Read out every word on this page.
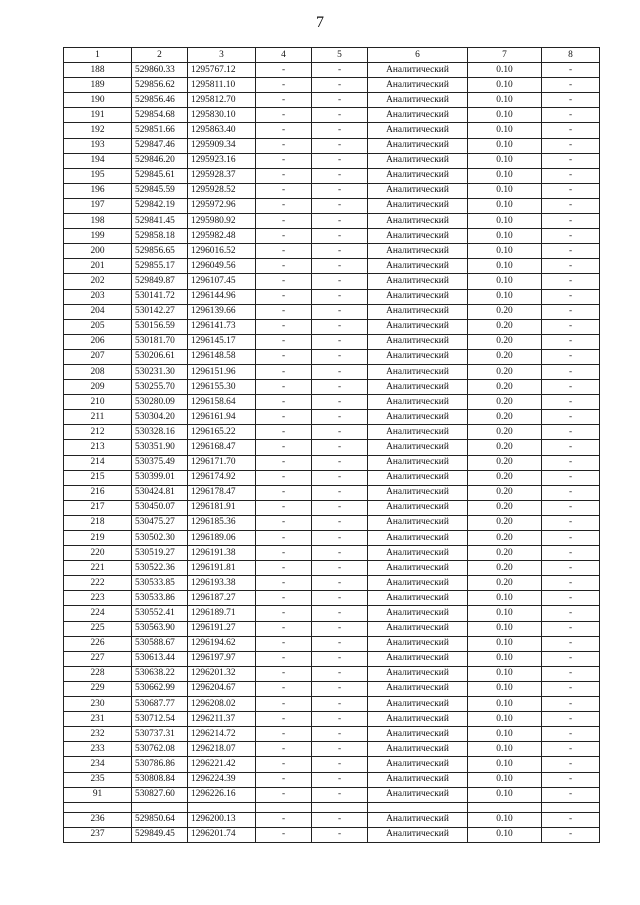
7
1	2	3	4	5	6	7	8
188	529860.33	1295767.12	-	-	Аналитический	0.10	-
189	529856.62	1295811.10	-	-	Аналитический	0.10	-
190	529856.46	1295812.70	-	-	Аналитический	0.10	-
191	529854.68	1295830.10	-	-	Аналитический	0.10	-
192	529851.66	1295863.40	-	-	Аналитический	0.10	-
193	529847.46	1295909.34	-	-	Аналитический	0.10	-
194	529846.20	1295923.16	-	-	Аналитический	0.10	-
195	529845.61	1295928.37	-	-	Аналитический	0.10	-
196	529845.59	1295928.52	-	-	Аналитический	0.10	-
197	529842.19	1295972.96	-	-	Аналитический	0.10	-
198	529841.45	1295980.92	-	-	Аналитический	0.10	-
199	529858.18	1295982.48	-	-	Аналитический	0.10	-
200	529856.65	1296016.52	-	-	Аналитический	0.10	-
201	529855.17	1296049.56	-	-	Аналитический	0.10	-
202	529849.87	1296107.45	-	-	Аналитический	0.10	-
203	530141.72	1296144.96	-	-	Аналитический	0.10	-
204	530142.27	1296139.66	-	-	Аналитический	0.20	-
205	530156.59	1296141.73	-	-	Аналитический	0.20	-
206	530181.70	1296145.17	-	-	Аналитический	0.20	-
207	530206.61	1296148.58	-	-	Аналитический	0.20	-
208	530231.30	1296151.96	-	-	Аналитический	0.20	-
209	530255.70	1296155.30	-	-	Аналитический	0.20	-
210	530280.09	1296158.64	-	-	Аналитический	0.20	-
211	530304.20	1296161.94	-	-	Аналитический	0.20	-
212	530328.16	1296165.22	-	-	Аналитический	0.20	-
213	530351.90	1296168.47	-	-	Аналитический	0.20	-
214	530375.49	1296171.70	-	-	Аналитический	0.20	-
215	530399.01	1296174.92	-	-	Аналитический	0.20	-
216	530424.81	1296178.47	-	-	Аналитический	0.20	-
217	530450.07	1296181.91	-	-	Аналитический	0.20	-
218	530475.27	1296185.36	-	-	Аналитический	0.20	-
219	530502.30	1296189.06	-	-	Аналитический	0.20	-
220	530519.27	1296191.38	-	-	Аналитический	0.20	-
221	530522.36	1296191.81	-	-	Аналитический	0.20	-
222	530533.85	1296193.38	-	-	Аналитический	0.20	-
223	530533.86	1296187.27	-	-	Аналитический	0.10	-
224	530552.41	1296189.71	-	-	Аналитический	0.10	-
225	530563.90	1296191.27	-	-	Аналитический	0.10	-
226	530588.67	1296194.62	-	-	Аналитический	0.10	-
227	530613.44	1296197.97	-	-	Аналитический	0.10	-
228	530638.22	1296201.32	-	-	Аналитический	0.10	-
229	530662.99	1296204.67	-	-	Аналитический	0.10	-
230	530687.77	1296208.02	-	-	Аналитический	0.10	-
231	530712.54	1296211.37	-	-	Аналитический	0.10	-
232	530737.31	1296214.72	-	-	Аналитический	0.10	-
233	530762.08	1296218.07	-	-	Аналитический	0.10	-
234	530786.86	1296221.42	-	-	Аналитический	0.10	-
235	530808.84	1296224.39	-	-	Аналитический	0.10	-
91	530827.60	1296226.16	-	-	Аналитический	0.10	-

236	529850.64	1296200.13	-	-	Аналитический	0.10	-
237	529849.45	1296201.74	-	-	Аналитический	0.10	-
